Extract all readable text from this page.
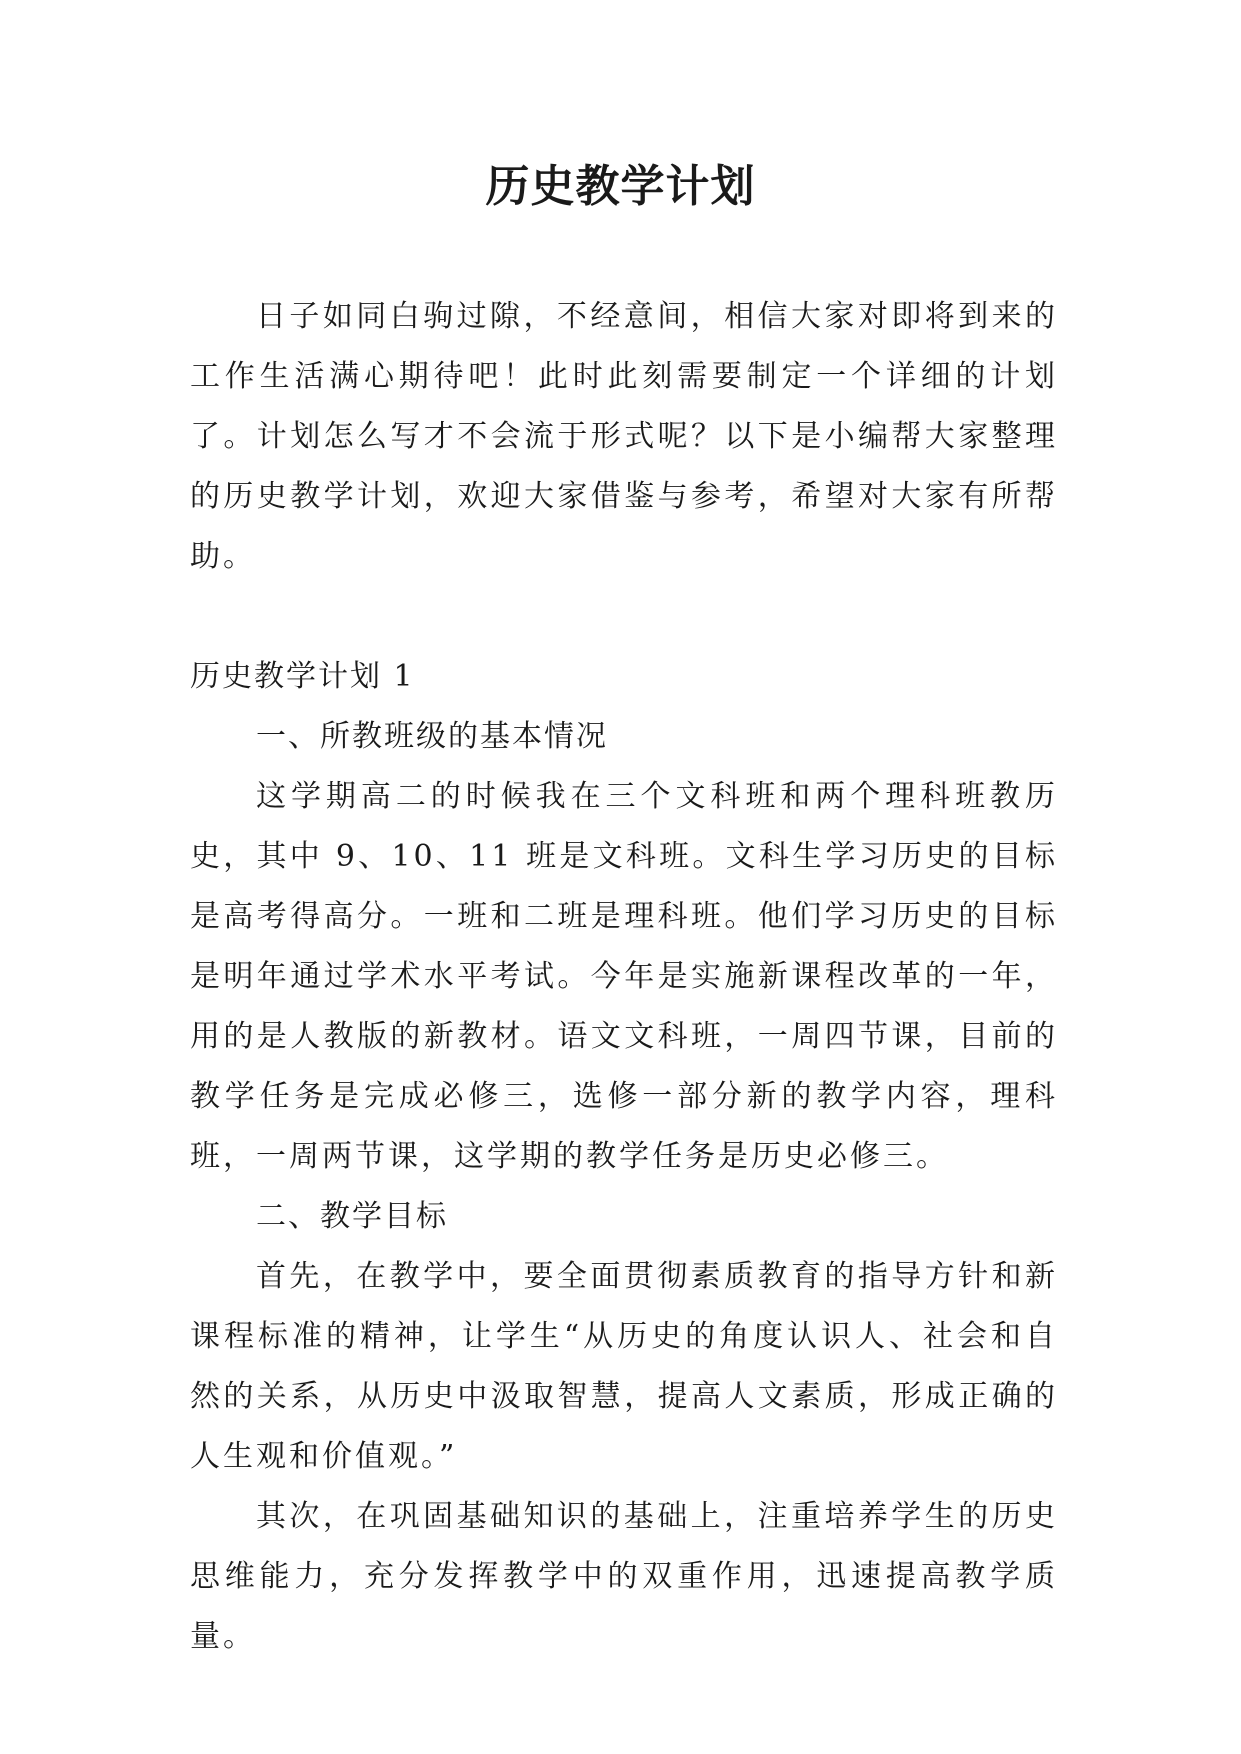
历史教学计划

日子如同白驹过隙，不经意间，相信大家对即将到来的工作生活满心期待吧！此时此刻需要制定一个详细的计划了。计划怎么写才不会流于形式呢？以下是小编帮大家整理的历史教学计划，欢迎大家借鉴与参考，希望对大家有所帮助。

历史教学计划 1

一、所教班级的基本情况

这学期高二的时候我在三个文科班和两个理科班教历史，其中 9、10、11 班是文科班。文科生学习历史的目标是高考得高分。一班和二班是理科班。他们学习历史的目标是明年通过学术水平考试。今年是实施新课程改革的一年，用的是人教版的新教材。语文文科班，一周四节课，目前的教学任务是完成必修三，选修一部分新的教学内容，理科班，一周两节课，这学期的教学任务是历史必修三。

二、教学目标

首先，在教学中，要全面贯彻素质教育的指导方针和新课程标准的精神，让学生“从历史的角度认识人、社会和自然的关系，从历史中汲取智慧，提高人文素质，形成正确的人生观和价值观。”

其次，在巩固基础知识的基础上，注重培养学生的历史思维能力，充分发挥教学中的双重作用，迅速提高教学质量。
